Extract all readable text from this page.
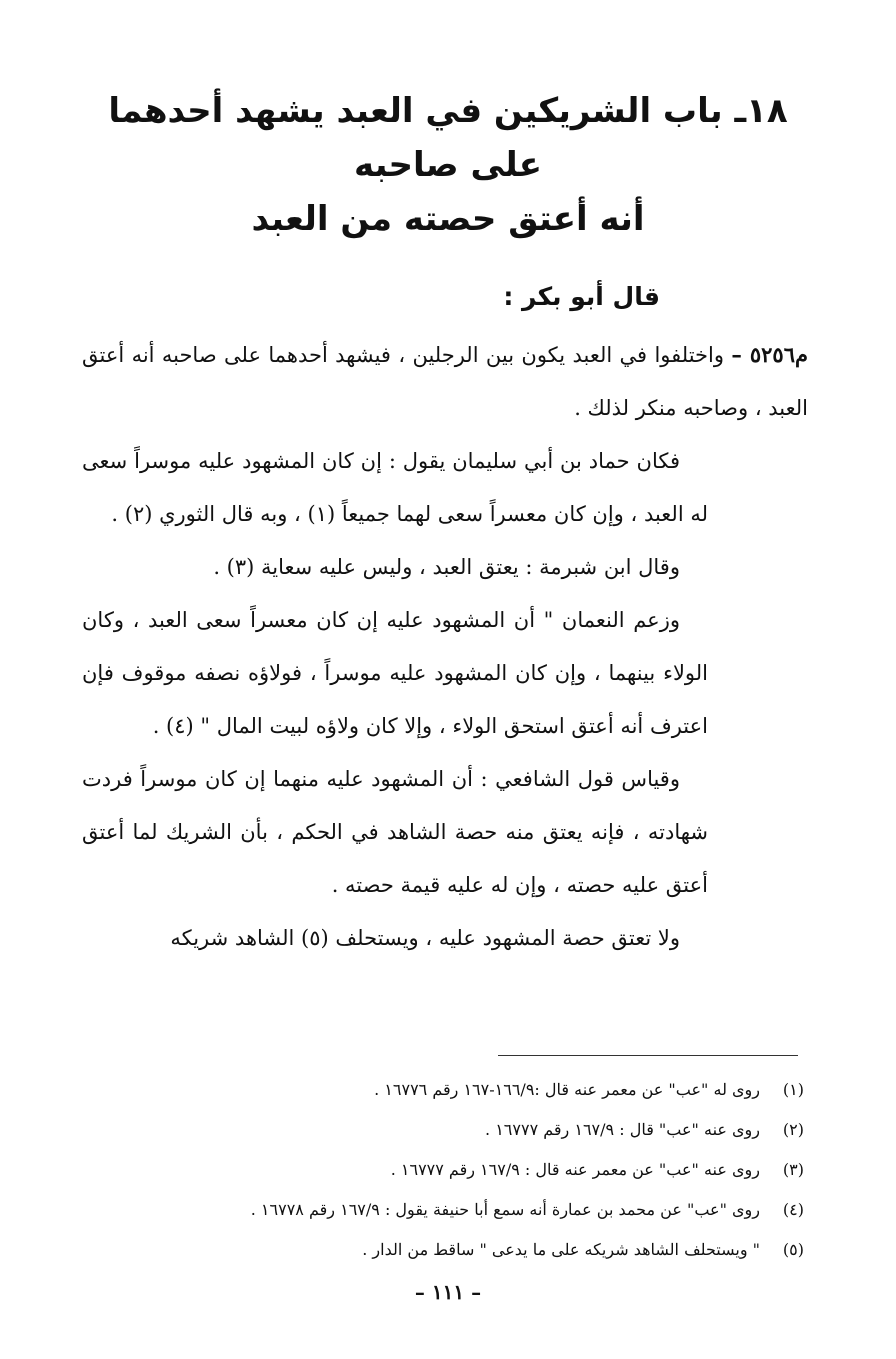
١٨ـ باب الشريكين في العبد يشهد أحدهما على صاحبه
أنه أعتق حصته من العبد
قال أبو بكر :

م٥٢٥٦ – واختلفوا في العبد يكون بين الرجلين ، فيشهد أحدهما على صاحبه أنه أعتق العبد ، وصاحبه منكر لذلك .

فكان حماد بن أبي سليمان يقول : إن كان المشهود عليه موسراً سعى له العبد ، وإن كان معسراً سعى لهما جميعاً (١) ، وبه قال الثوري (٢) .

وقال ابن شبرمة : يعتق العبد ، وليس عليه سعاية (٣) .

وزعم النعمان " أن المشهود عليه إن كان معسراً سعى العبد ، وكان الولاء بينهما ، وإن كان المشهود عليه موسراً ، فولاؤه نصفه موقوف فإن اعترف أنه أعتق استحق الولاء ، وإلا كان ولاؤه لبيت المال " (٤) .

وقياس قول الشافعي : أن المشهود عليه منهما إن كان موسراً فردت شهادته ، فإنه يعتق منه حصة الشاهد في الحكم ، بأن الشريك لما أعتق أعتق عليه حصته ، وإن له عليه قيمة حصته .

ولا تعتق حصة المشهود عليه ، ويستحلف (٥) الشاهد شريكه

(١)
روى له "عب" عن معمر عنه قال :١٦٦/٩-١٦٧ رقم ١٦٧٧٦ .
(٢)
روى عنه "عب" قال : ١٦٧/٩ رقم ١٦٧٧٧ .
(٣)
روى عنه "عب" عن معمر عنه قال : ١٦٧/٩ رقم ١٦٧٧٧ .
(٤)
روى "عب" عن محمد بن عمارة أنه سمع أبا حنيفة يقول : ١٦٧/٩ رقم ١٦٧٧٨ .
(٥)
" ويستحلف الشاهد شريكه على ما يدعى " ساقط من الدار .
– ١١١ –
